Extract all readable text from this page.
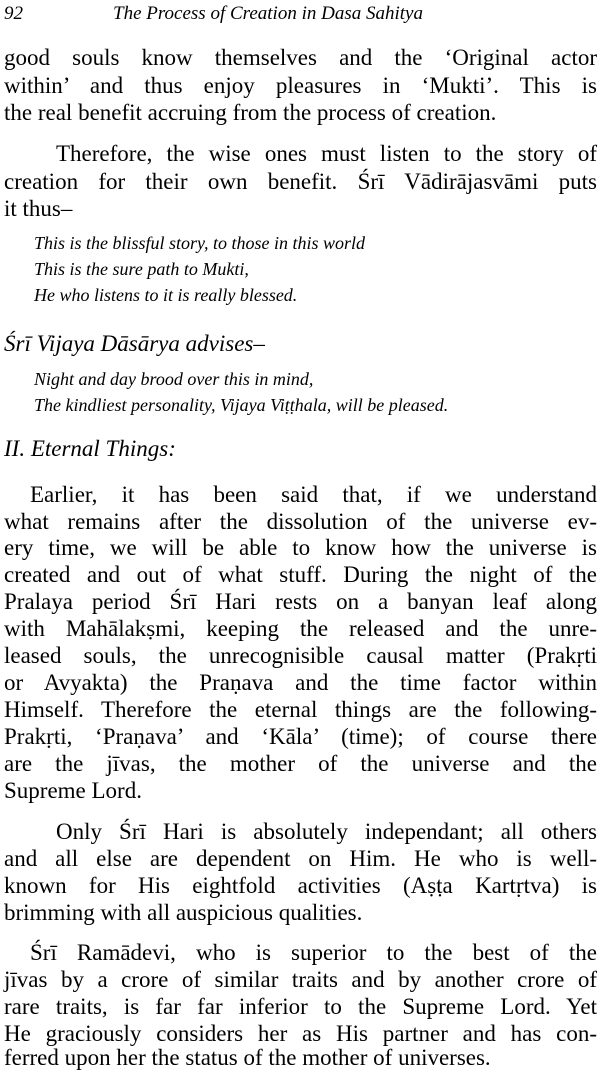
92	The Process of Creation in Dasa Sahitya
good souls know themselves and the ‘Original actor
within’ and thus enjoy pleasures in ‘Mukti’. This is
the real benefit accruing from the process of creation.
Therefore, the wise ones must listen to the story of
creation for their own benefit. Śrī Vādirājasvāmi puts
it thus–
This is the blissful story, to those in this world
This is the sure path to Mukti,
He who listens to it is really blessed.
Śrī Vijaya Dāsārya advises–
Night and day brood over this in mind,
The kindliest personality, Vijaya Viṭṭhala, will be pleased.
II. Eternal Things:
Earlier, it has been said that, if we understand
what remains after the dissolution of the universe ev-
ery time, we will be able to know how the universe is
created and out of what stuff. During the night of the
Pralaya period Śrī Hari rests on a banyan leaf along
with Mahālakṣmi, keeping the released and the unre-
leased souls, the unrecognisible causal matter (Prakṛti
or Avyakta) the Praṇava and the time factor within
Himself. Therefore the eternal things are the following-
Prakṛti, ‘Praṇava’ and ‘Kāla’ (time); of course there
are the jīvas, the mother of the universe and the
Supreme Lord.
Only Śrī Hari is absolutely independant; all others
and all else are dependent on Him. He who is well-
known for His eightfold activities (Aṣṭa Kartṛtva) is
brimming with all auspicious qualities.
Śrī Ramādevi, who is superior to the best of the
jīvas by a crore of similar traits and by another crore of
rare traits, is far far inferior to the Supreme Lord. Yet
He graciously considers her as His partner and has con-
ferred upon her the status of the mother of universes.
